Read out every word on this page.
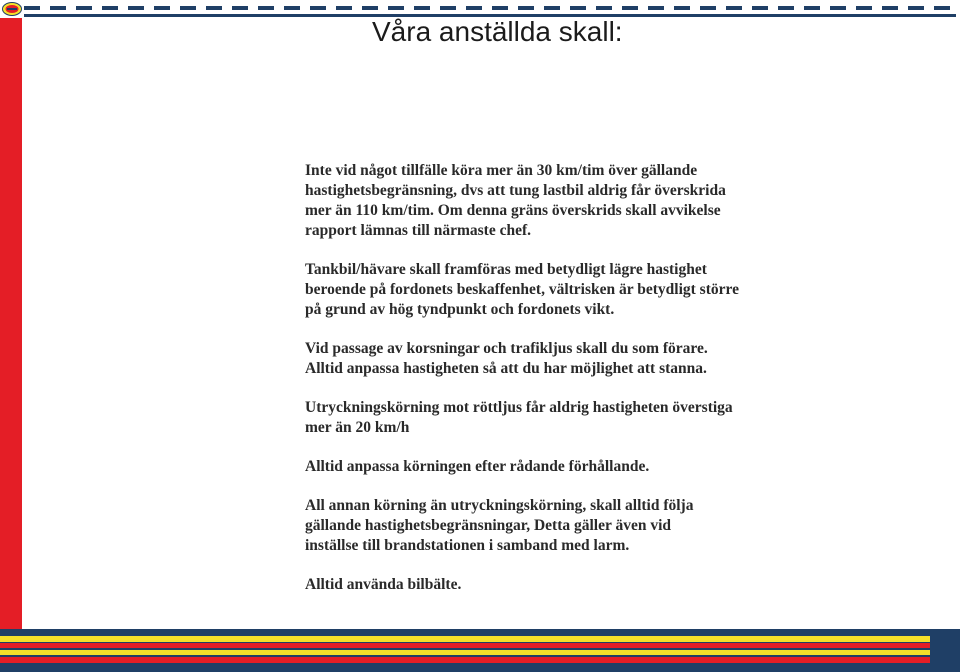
Våra anställda skall:

Inte vid något tillfälle köra mer än 30 km/tim över gällande
hastighetsbegränsning, dvs att tung lastbil aldrig får överskrida
mer än 110 km/tim. Om denna gräns överskrids skall avvikelse
rapport lämnas till närmaste chef.

Tankbil/hävare skall framföras med betydligt lägre hastighet
beroende på fordonets beskaffenhet, vältrisken är betydligt större
på grund av hög tyndpunkt och fordonets vikt.

Vid passage av korsningar och trafikljus skall du som förare.
Alltid anpassa hastigheten så att du har möjlighet att stanna.

Utryckningskörning mot röttljus får aldrig hastigheten överstiga
mer än 20 km/h

Alltid anpassa körningen efter rådande förhållande.

All annan körning än utryckningskörning, skall alltid följa
gällande hastighetsbegränsningar, Detta gäller även vid
inställse till brandstationen i samband med larm.

Alltid använda bilbälte.
